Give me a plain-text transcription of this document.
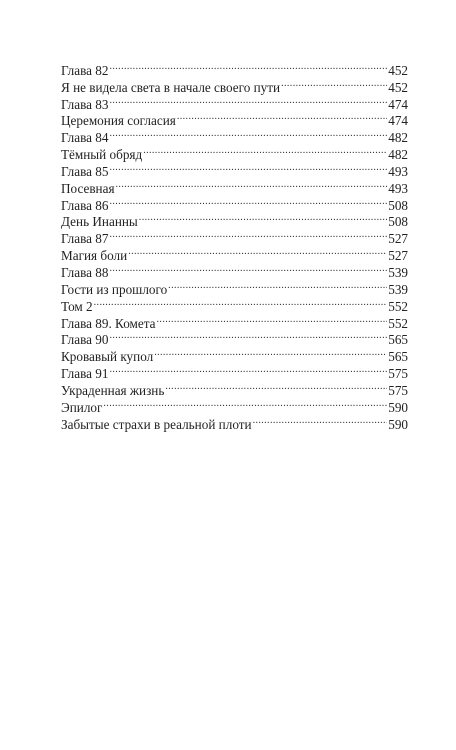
Глава 82 .....	452
Я не видела света в начале своего пути .....	452
Глава 83 .....	474
Церемония согласия .....	474
Глава 84 .....	482
Тёмный обряд .....	482
Глава 85 .....	493
Посевная .....	493
Глава 86 .....	508
День Инанны .....	508
Глава 87 .....	527
Магия боли .....	527
Глава 88 .....	539
Гости из прошлого .....	539
Том 2 .....	552
Глава 89. Комета .....	552
Глава 90 .....	565
Кровавый купол .....	565
Глава 91 .....	575
Украденная жизнь .....	575
Эпилог .....	590
Забытые страхи в реальной плоти .....	590
